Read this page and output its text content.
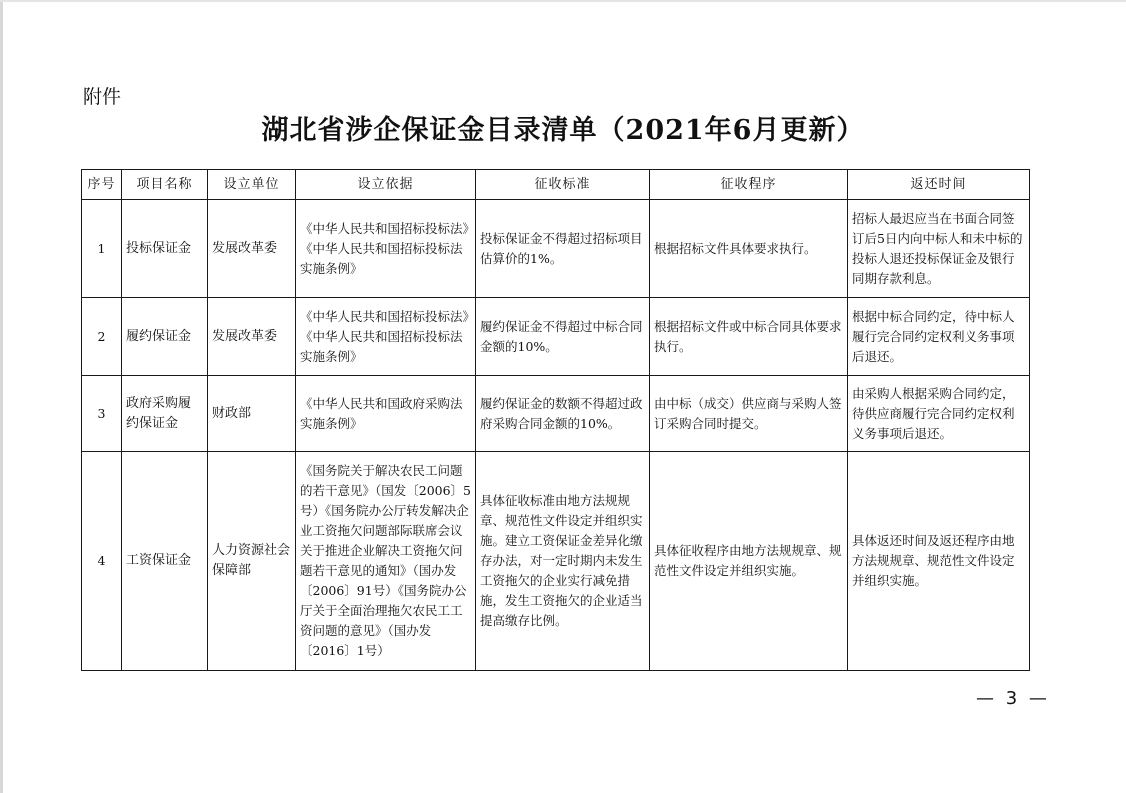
附件
湖北省涉企保证金目录清单（2021年6月更新）
序号	项目名称	设立单位	设立依据	征收标准	征收程序	返还时间
1	投标保证金	发展改革委	《中华人民共和国招标投标法》《中华人民共和国招标投标法实施条例》	投标保证金不得超过招标项目估算价的1%。	根据招标文件具体要求执行。	招标人最迟应当在书面合同签订后5日内向中标人和未中标的投标人退还投标保证金及银行同期存款利息。
2	履约保证金	发展改革委	《中华人民共和国招标投标法》《中华人民共和国招标投标法实施条例》	履约保证金不得超过中标合同金额的10%。	根据招标文件或中标合同具体要求执行。	根据中标合同约定，待中标人履行完合同约定权利义务事项后退还。
3	政府采购履约保证金	财政部	《中华人民共和国政府采购法实施条例》	履约保证金的数额不得超过政府采购合同金额的10%。	由中标（成交）供应商与采购人签订采购合同时提交。	由采购人根据采购合同约定，待供应商履行完合同约定权利义务事项后退还。
4	工资保证金	人力资源社会保障部	《国务院关于解决农民工问题的若干意见》（国发〔2006〕5号）《国务院办公厅转发解决企业工资拖欠问题部际联席会议关于推进企业解决工资拖欠问题若干意见的通知》（国办发〔2006〕91号）《国务院办公厅关于全面治理拖欠农民工工资问题的意见》（国办发〔2016〕1号）	具体征收标准由地方法规规章、规范性文件设定并组织实施。建立工资保证金差异化缴存办法，对一定时期内未发生工资拖欠的企业实行减免措施，发生工资拖欠的企业适当提高缴存比例。	具体征收程序由地方法规规章、规范性文件设定并组织实施。	具体返还时间及返还程序由地方法规规章、规范性文件设定并组织实施。
— 3 —
